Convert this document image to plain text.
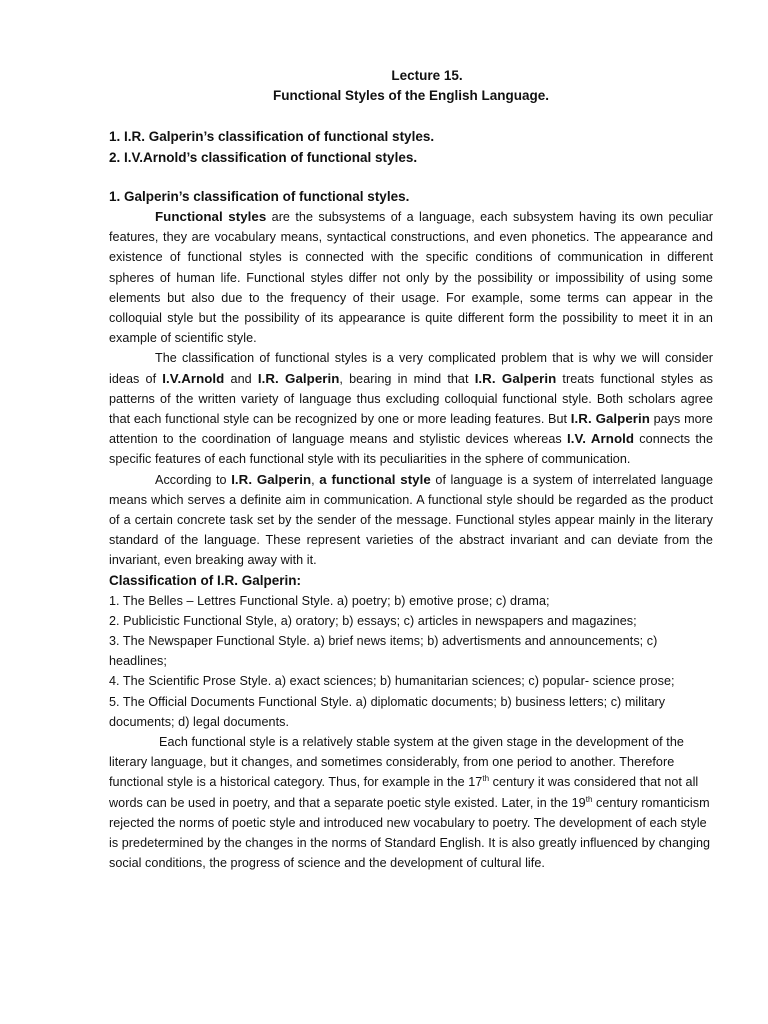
Lecture 15.
Functional Styles of the English Language.
1. I.R. Galperin’s classification of functional styles.
2. I.V.Arnold’s classification of functional styles.
1. Galperin’s classification of functional styles.

Functional styles are the subsystems of a language, each subsystem having its own peculiar features, they are vocabulary means, syntactical constructions, and even phonetics. The appearance and existence of functional styles is connected with the specific conditions of communication in different spheres of human life. Functional styles differ not only by the possibility or impossibility of using some elements but also due to the frequency of their usage. For example, some terms can appear in the colloquial style but the possibility of its appearance is quite different form the possibility to meet it in an example of scientific style.

The classification of functional styles is a very complicated problem that is why we will consider ideas of I.V.Arnold and I.R. Galperin, bearing in mind that I.R. Galperin treats functional styles as patterns of the written variety of language thus excluding colloquial functional style. Both scholars agree that each functional style can be recognized by one or more leading features. But I.R. Galperin pays more attention to the coordination of language means and stylistic devices whereas I.V. Arnold connects the specific features of each functional style with its peculiarities in the sphere of communication.

According to I.R. Galperin, a functional style of language is a system of interrelated language means which serves a definite aim in communication. A functional style should be regarded as the product of a certain concrete task set by the sender of the message. Functional styles appear mainly in the literary standard of the language. These represent varieties of the abstract invariant and can deviate from the invariant, even breaking away with it.

Classification of I.R. Galperin:

1. The Belles – Lettres Functional Style. a) poetry; b) emotive prose; c) drama;

2. Publicistic Functional Style, a) oratory; b) essays; c) articles in newspapers and magazines;

3. The Newspaper Functional Style. a) brief news items; b) advertisments and announcements; c) headlines;

4. The Scientific Prose Style. a) exact sciences; b) humanitarian sciences; c) popular- science prose;

5. The Official Documents Functional Style. a) diplomatic documents; b) business letters; c) military documents; d) legal documents.

Each functional style is a relatively stable system at the given stage in the development of the literary language, but it changes, and sometimes considerably, from one period to another. Therefore functional style is a historical category. Thus, for example in the 17th century it was considered that not all words can be used in poetry, and that a separate poetic style existed. Later, in the 19th century romanticism rejected the norms of poetic style and introduced new vocabulary to poetry. The development of each style is predetermined by the changes in the norms of Standard English. It is also greatly influenced by changing social conditions, the progress of science and the development of cultural life.
